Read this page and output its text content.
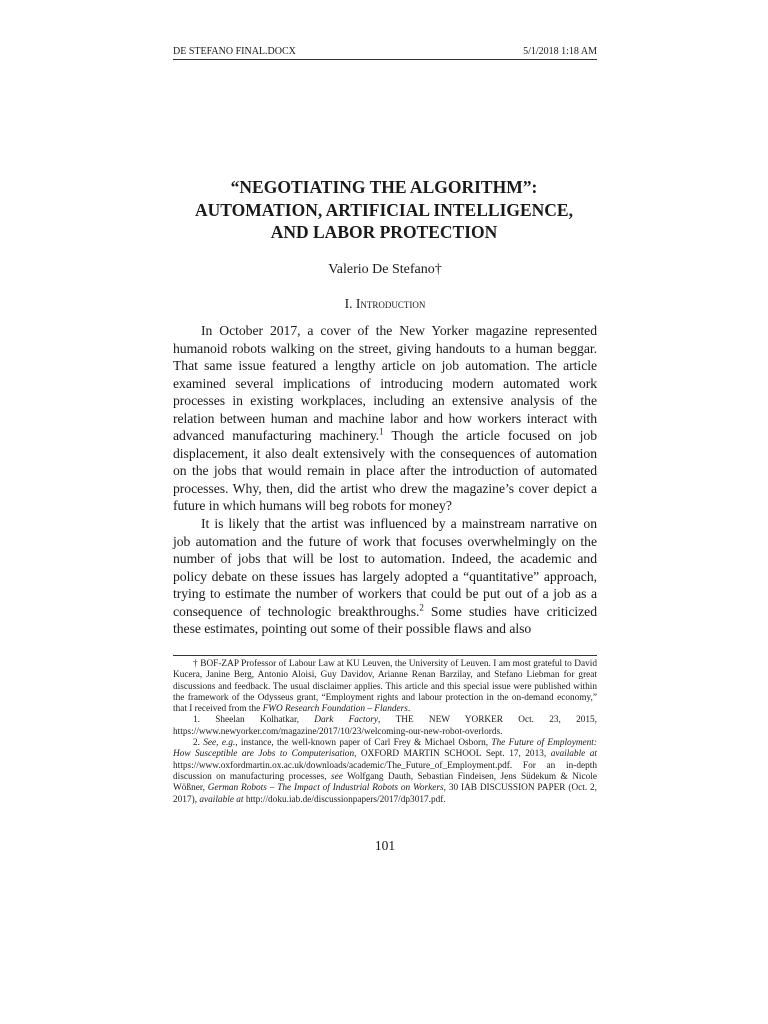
DE STEFANO FINAL.DOCX	5/1/2018 1:18 AM
“NEGOTIATING THE ALGORITHM”:
AUTOMATION, ARTIFICIAL INTELLIGENCE,
AND LABOR PROTECTION
Valerio De Stefano†
I. Introduction

In October 2017, a cover of the New Yorker magazine represented humanoid robots walking on the street, giving handouts to a human beggar. That same issue featured a lengthy article on job automation. The article examined several implications of introducing modern automated work processes in existing workplaces, including an extensive analysis of the relation between human and machine labor and how workers interact with advanced manufacturing machinery.$^1$ Though the article focused on job displacement, it also dealt extensively with the consequences of automation on the jobs that would remain in place after the introduction of automated processes. Why, then, did the artist who drew the magazine’s cover depict a future in which humans will beg robots for money?

It is likely that the artist was influenced by a mainstream narrative on job automation and the future of work that focuses overwhelmingly on the number of jobs that will be lost to automation. Indeed, the academic and policy debate on these issues has largely adopted a “quantitative” approach, trying to estimate the number of workers that could be put out of a job as a consequence of technologic breakthroughs.$^2$ Some studies have criticized these estimates, pointing out some of their possible flaws and also

† BOF-ZAP Professor of Labour Law at KU Leuven, the University of Leuven. I am most grateful to David Kucera, Janine Berg, Antonio Aloisi, Guy Davidov, Arianne Renan Barzilay, and Stefano Liebman for great discussions and feedback. The usual disclaimer applies. This article and this special issue were published within the framework of the Odysseus grant, “Employment rights and labour protection in the on-demand economy,” that I received from the FWO Research Foundation – Flanders.

1. Sheelan Kolhatkar, Dark Factory, THE NEW YORKER Oct. 23, 2015, https://www.newyorker.com/magazine/2017/10/23/welcoming-our-new-robot-overlords.

2. See, e.g., instance, the well-known paper of Carl Frey & Michael Osborn, The Future of Employment: How Susceptible are Jobs to Computerisation, OXFORD MARTIN SCHOOL Sept. 17, 2013, available at https://www.oxfordmartin.ox.ac.uk/downloads/academic/The_Future_of_Employment.pdf. For an in-depth discussion on manufacturing processes, see Wolfgang Dauth, Sebastian Findeisen, Jens Südekum & Nicole Wößner, German Robots – The Impact of Industrial Robots on Workers, 30 IAB DISCUSSION PAPER (Oct. 2, 2017), available at http://doku.iab.de/discussionpapers/2017/dp3017.pdf.

101
